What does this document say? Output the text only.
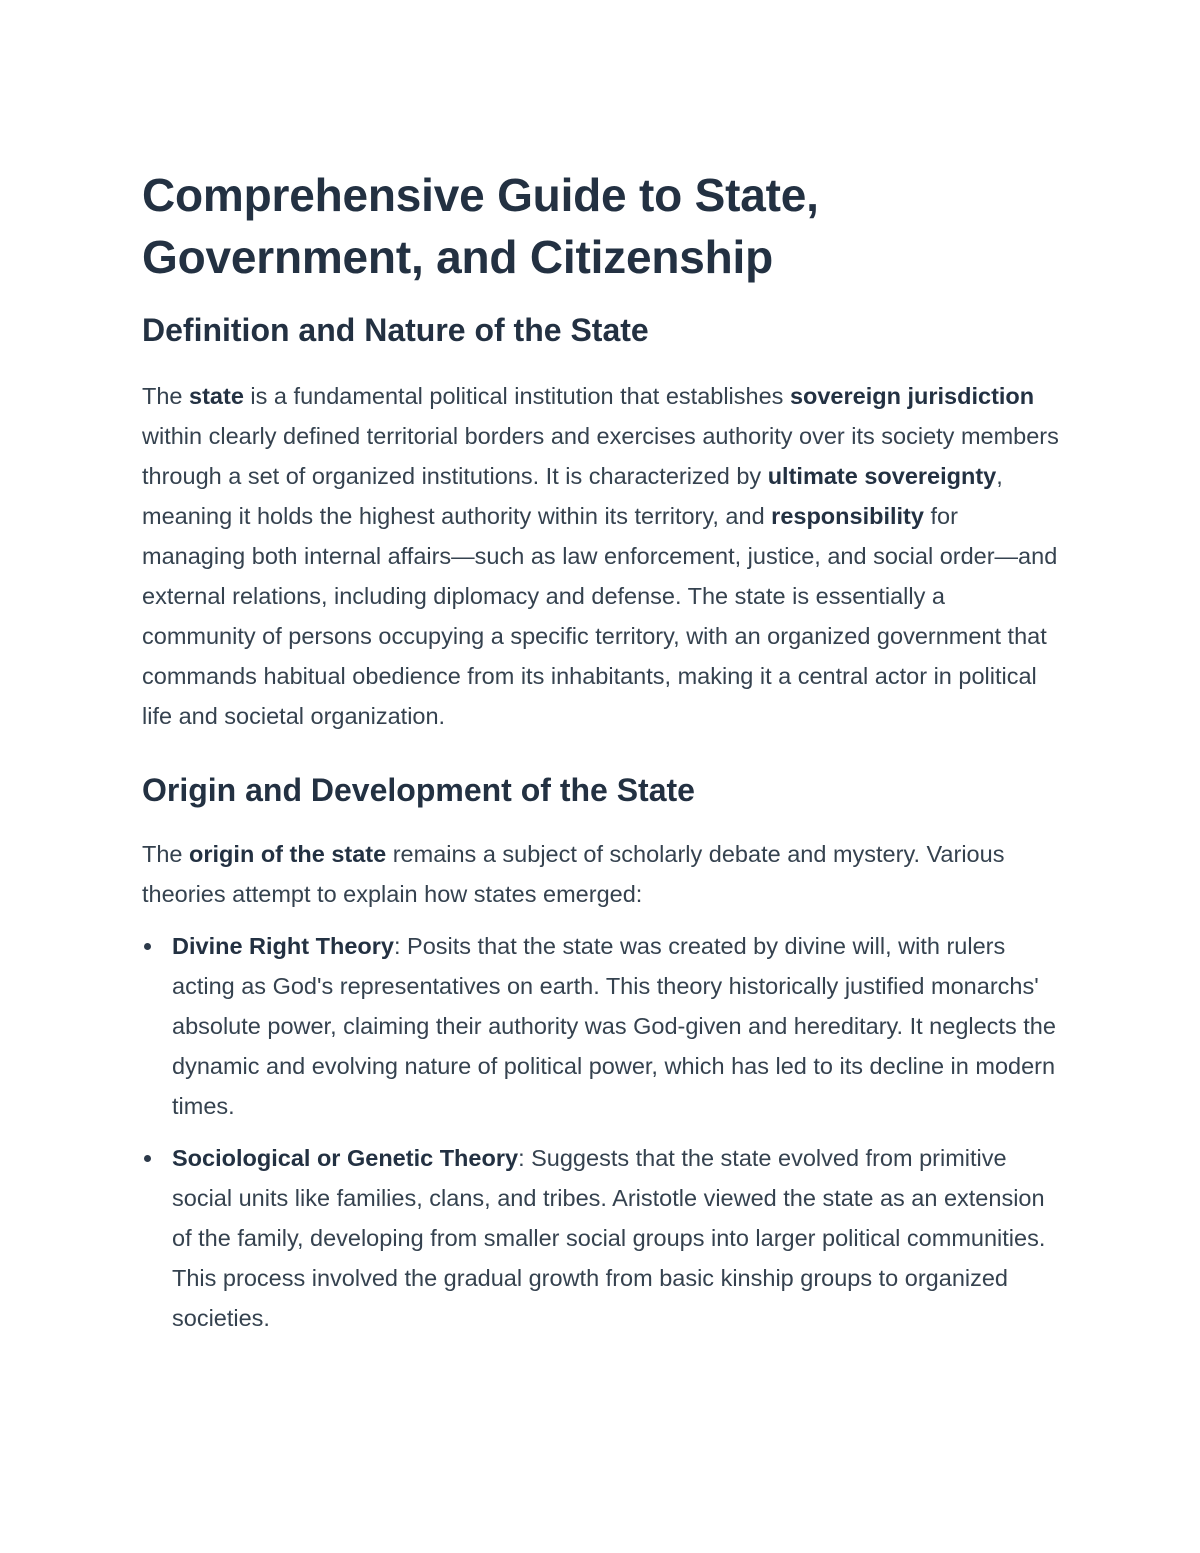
Comprehensive Guide to State, Government, and Citizenship
Definition and Nature of the State

The state is a fundamental political institution that establishes sovereign jurisdiction within clearly defined territorial borders and exercises authority over its society members through a set of organized institutions. It is characterized by ultimate sovereignty, meaning it holds the highest authority within its territory, and responsibility for managing both internal affairs—such as law enforcement, justice, and social order—and external relations, including diplomacy and defense. The state is essentially a community of persons occupying a specific territory, with an organized government that commands habitual obedience from its inhabitants, making it a central actor in political life and societal organization.

Origin and Development of the State

The origin of the state remains a subject of scholarly debate and mystery. Various theories attempt to explain how states emerged:

Divine Right Theory: Posits that the state was created by divine will, with rulers acting as God's representatives on earth. This theory historically justified monarchs' absolute power, claiming their authority was God-given and hereditary. It neglects the dynamic and evolving nature of political power, which has led to its decline in modern times.
Sociological or Genetic Theory: Suggests that the state evolved from primitive social units like families, clans, and tribes. Aristotle viewed the state as an extension of the family, developing from smaller social groups into larger political communities. This process involved the gradual growth from basic kinship groups to organized societies.
